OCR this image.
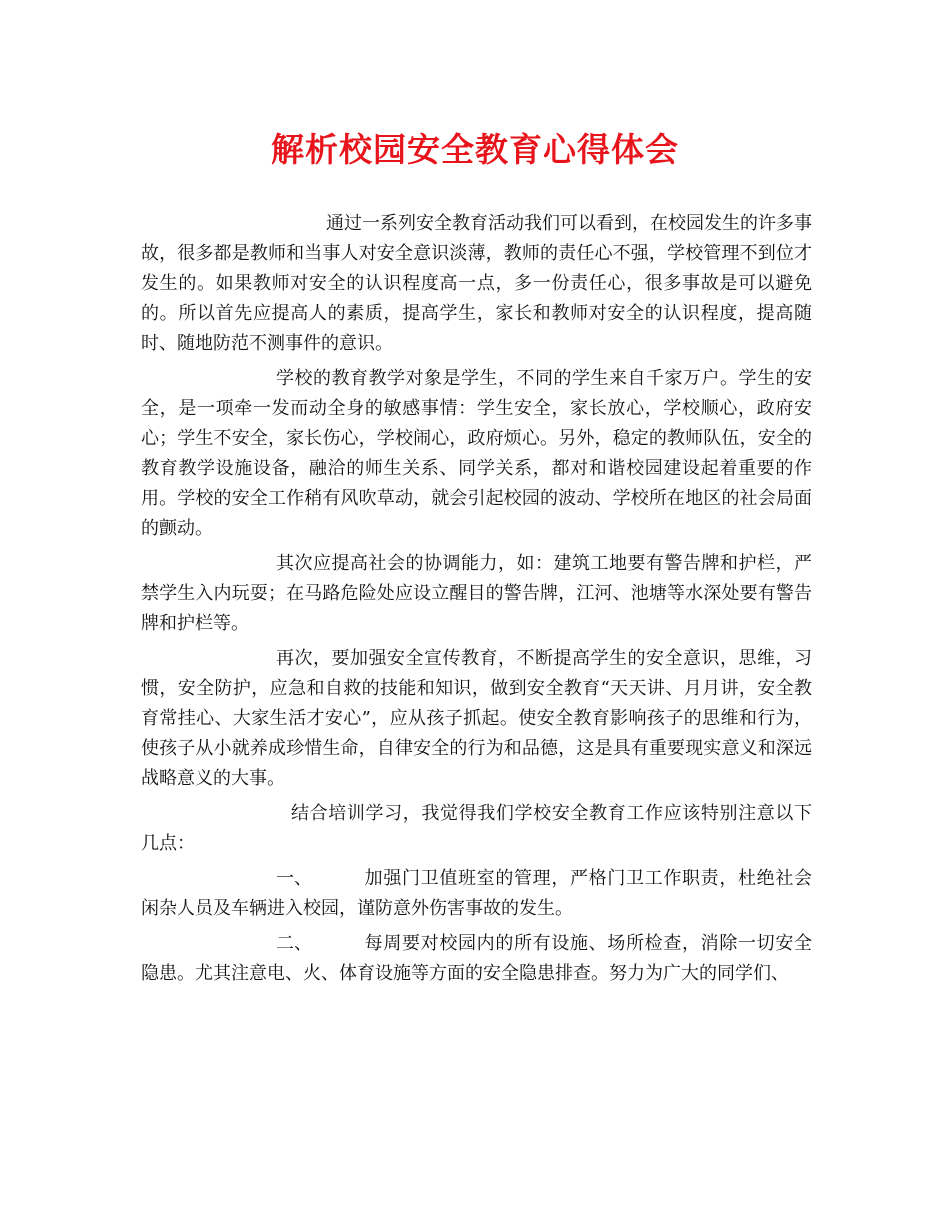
解析校园安全教育心得体会

通过一系列安全教育活动我们可以看到，在校园发生的许多事故，很多都是教师和当事人对安全意识淡薄，教师的责任心不强，学校管理不到位才发生的。如果教师对安全的认识程度高一点，多一份责任心，很多事故是可以避免的。所以首先应提高人的素质，提高学生，家长和教师对安全的认识程度，提高随时、随地防范不测事件的意识。

学校的教育教学对象是学生，不同的学生来自千家万户。学生的安全，是一项牵一发而动全身的敏感事情：学生安全，家长放心，学校顺心，政府安心；学生不安全，家长伤心，学校闹心，政府烦心。另外，稳定的教师队伍，安全的教育教学设施设备，融洽的师生关系、同学关系，都对和谐校园建设起着重要的作用。学校的安全工作稍有风吹草动，就会引起校园的波动、学校所在地区的社会局面的颤动。

其次应提高社会的协调能力，如：建筑工地要有警告牌和护栏，严禁学生入内玩耍；在马路危险处应设立醒目的警告牌，江河、池塘等水深处要有警告牌和护栏等。

再次，要加强安全宣传教育，不断提高学生的安全意识，思维，习惯，安全防护，应急和自救的技能和知识，做到安全教育“天天讲、月月讲，安全教育常挂心、大家生活才安心”，应从孩子抓起。使安全教育影响孩子的思维和行为，使孩子从小就养成珍惜生命，自律安全的行为和品德，这是具有重要现实意义和深远战略意义的大事。

结合培训学习，我觉得我们学校安全教育工作应该特别注意以下几点：

一、	加强门卫值班室的管理，严格门卫工作职责，杜绝社会闲杂人员及车辆进入校园，谨防意外伤害事故的发生。

二、	每周要对校园内的所有设施、场所检查，消除一切安全隐患。尤其注意电、火、体育设施等方面的安全隐患排查。努力为广大的同学们、
